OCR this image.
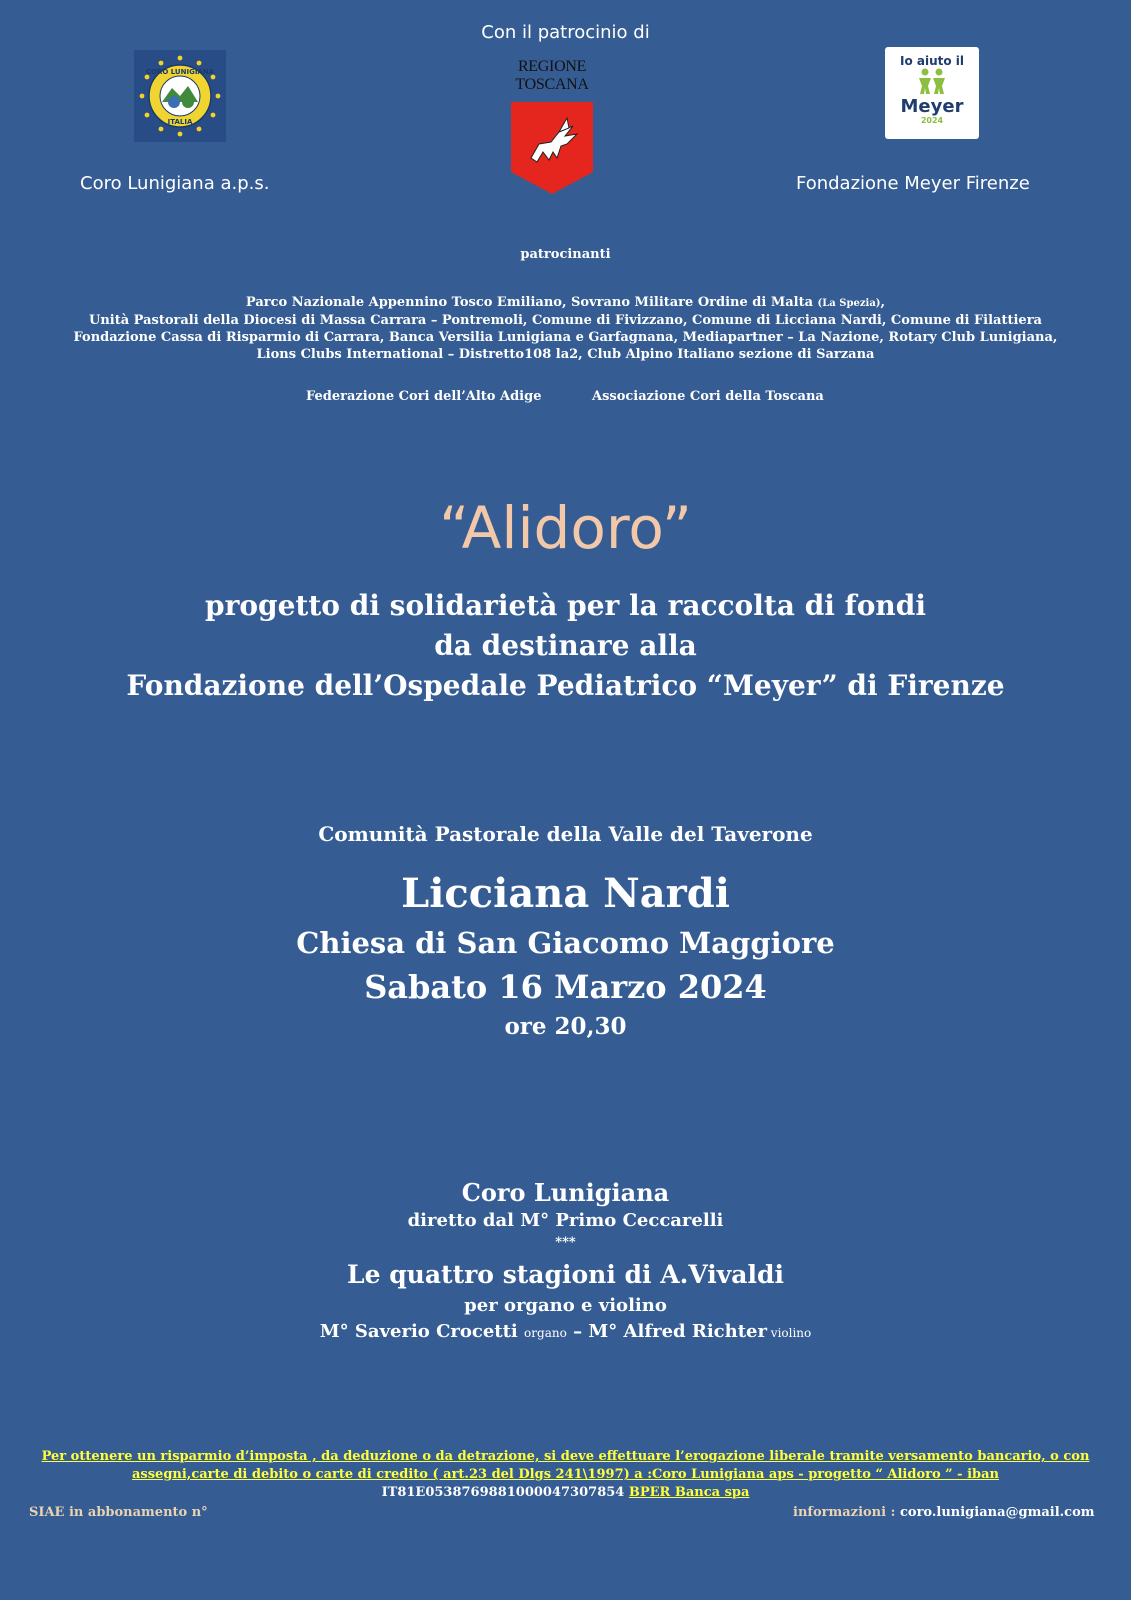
Con il patrocinio di
CORO LUNIGIANA
ITALIA
REGIONE
TOSCANA
Io aiuto il
Meyer
2024
Coro Lunigiana a.p.s.	Fondazione Meyer Firenze
patrocinanti
Parco Nazionale Appennino Tosco Emiliano, Sovrano Militare Ordine di Malta (La Spezia),
Unità Pastorali della Diocesi di Massa Carrara – Pontremoli, Comune di Fivizzano, Comune di Licciana Nardi, Comune di Filattiera
Fondazione Cassa di Risparmio di Carrara, Banca Versilia Lunigiana e Garfagnana, Mediapartner – La Nazione, Rotary Club Lunigiana,
Lions Clubs International – Distretto108 la2, Club Alpino Italiano sezione di Sarzana
Federazione Cori dell’Alto Adige	Associazione Cori della Toscana
“Alidoro”
progetto di solidarietà per la raccolta di fondi
da destinare alla
Fondazione dell’Ospedale Pediatrico “Meyer” di Firenze
Comunità Pastorale della Valle del Taverone
Licciana Nardi
Chiesa di San Giacomo Maggiore
Sabato 16 Marzo 2024
ore 20,30
Coro Lunigiana
diretto dal M° Primo Ceccarelli
***
Le quattro stagioni di A.Vivaldi
per organo e violino
M° Saverio Crocetti organo – M° Alfred Richter violino
Per ottenere un risparmio d’imposta , da deduzione o da detrazione, si deve effettuare l’erogazione liberale tramite versamento bancario, o con assegni,carte di debito o carte di credito ( art.23 del Dlgs 241\1997) a :Coro Lunigiana aps - progetto “ Alidoro ” - iban IT81E0538769881000047307854 BPER Banca spa
SIAE in abbonamento n°	informazioni : coro.lunigiana@gmail.com
